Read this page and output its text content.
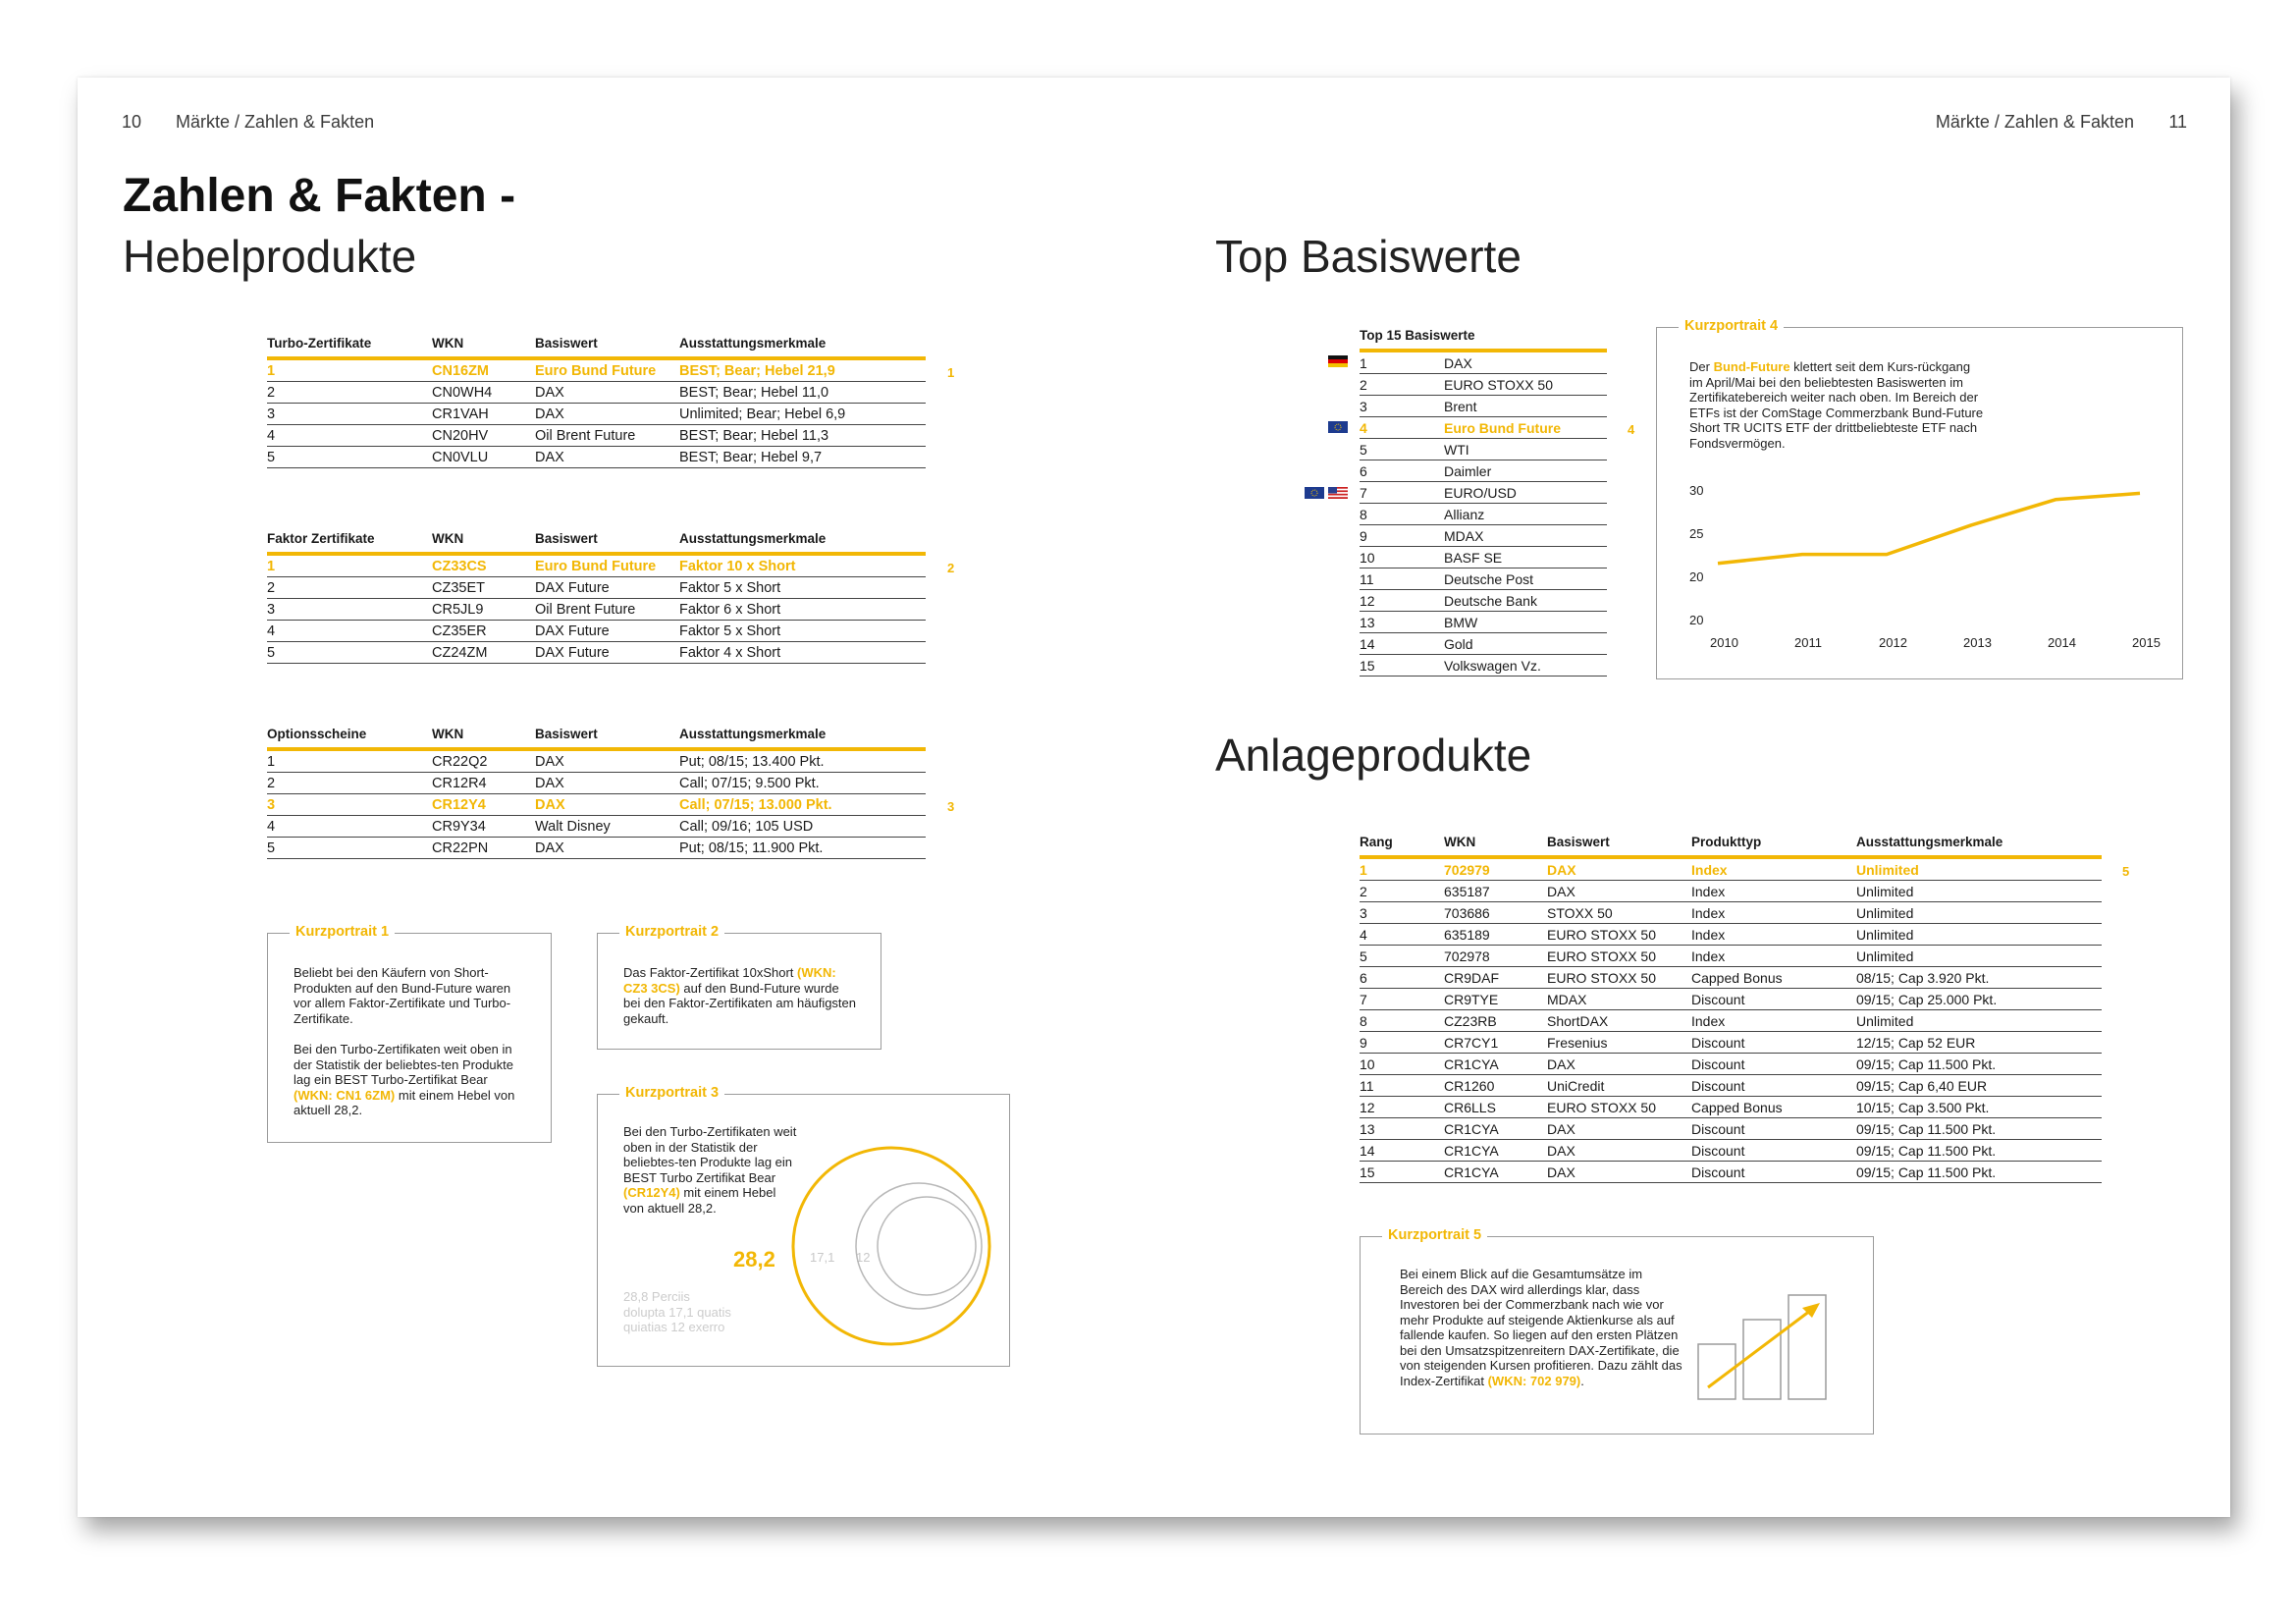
10 Märkte / Zahlen & Fakten	Märkte / Zahlen & Fakten 11
Zahlen & Fakten -
Hebelprodukte	Top Basiswerte
Anlageprodukte
Turbo-Zertifikate	WKN	Basiswert	Ausstattungsmerkmale
1	CN16ZM	Euro Bund Future	BEST; Bear; Hebel 21,9
2	CN0WH4	DAX	BEST; Bear; Hebel 11,0
3	CR1VAH	DAX	Unlimited; Bear; Hebel 6,9
4	CN20HV	Oil Brent Future	BEST; Bear; Hebel 11,3
5	CN0VLU	DAX	BEST; Bear; Hebel 9,7
1
Faktor Zertifikate	WKN	Basiswert	Ausstattungsmerkmale
1	CZ33CS	Euro Bund Future	Faktor 10 x Short
2	CZ35ET	DAX Future	Faktor 5 x Short
3	CR5JL9	Oil Brent Future	Faktor 6 x Short
4	CZ35ER	DAX Future	Faktor 5 x Short
5	CZ24ZM	DAX Future	Faktor 4 x Short
2
Optionsscheine	WKN	Basiswert	Ausstattungsmerkmale
1	CR22Q2	DAX	Put; 08/15; 13.400 Pkt.
2	CR12R4	DAX	Call; 07/15; 9.500 Pkt.
3	CR12Y4	DAX	Call; 07/15; 13.000 Pkt.
4	CR9Y34	Walt Disney	Call; 09/16; 105 USD
5	CR22PN	DAX	Put; 08/15; 11.900 Pkt.
3
Kurzportrait 1
Beliebt bei den Käufern von Short-Produkten auf den Bund-Future waren vor allem Faktor-Zertifikate und Turbo-Zertifikate.
Bei den Turbo-Zertifikaten weit oben in der Statistik der beliebtes-ten Produkte lag ein BEST Turbo-Zertifikat Bear (WKN: CN1 6ZM) mit einem Hebel von aktuell 28,2.
Kurzportrait 2
Das Faktor-Zertifikat 10xShort (WKN: CZ3 3CS) auf den Bund-Future wurde bei den Faktor-Zertifikaten am häufigsten gekauft.
Kurzportrait 3
Bei den Turbo-Zertifikaten weit oben in der Statistik der beliebtes-ten Produkte lag ein BEST Turbo Zertifikat Bear (CR12Y4) mit einem Hebel von aktuell 28,2.
28,2	17,1 12
28,8 Perciis dolupta 17,1 quatis quiatias 12 exerro
Top 15 Basiswerte	
1	DAX
2	EURO STOXX 50
3	Brent
4	Euro Bund Future
5	WTI
6	Daimler
7	EURO/USD
8	Allianz
9	MDAX
10	BASF SE
11	Deutsche Post
12	Deutsche Bank
13	BMW
14	Gold
15	Volkswagen Vz.
4
Kurzportrait 4
Der Bund-Future klettert seit dem Kurs-rückgang im April/Mai bei den beliebtesten Basiswerten im Zertifikatebereich weiter nach oben. Im Bereich der ETFs ist der ComStage Commerzbank Bund-Future Short TR UCITS ETF der drittbeliebteste ETF nach Fondsvermögen.
30
25
20
20
2010	2011	2012	2013	2014	2015
Rang	WKN	Basiswert	Produkttyp	Ausstattungsmerkmale
1	702979	DAX	Index	Unlimited
2	635187	DAX	Index	Unlimited
3	703686	STOXX 50	Index	Unlimited
4	635189	EURO STOXX 50	Index	Unlimited
5	702978	EURO STOXX 50	Index	Unlimited
6	CR9DAF	EURO STOXX 50	Capped Bonus	08/15; Cap 3.920 Pkt.
7	CR9TYE	MDAX	Discount	09/15; Cap 25.000 Pkt.
8	CZ23RB	ShortDAX	Index	Unlimited
9	CR7CY1	Fresenius	Discount	12/15; Cap 52 EUR
10	CR1CYA	DAX	Discount	09/15; Cap 11.500 Pkt.
11	CR1260	UniCredit	Discount	09/15; Cap 6,40 EUR
12	CR6LLS	EURO STOXX 50	Capped Bonus	10/15; Cap 3.500 Pkt.
13	CR1CYA	DAX	Discount	09/15; Cap 11.500 Pkt.
14	CR1CYA	DAX	Discount	09/15; Cap 11.500 Pkt.
15	CR1CYA	DAX	Discount	09/15; Cap 11.500 Pkt.
5
Kurzportrait 5
Bei einem Blick auf die Gesamtumsätze im Bereich des DAX wird allerdings klar, dass Investoren bei der Commerzbank nach wie vor mehr Produkte auf steigende Aktienkurse als auf fallende kaufen. So liegen auf den ersten Plätzen bei den Umsatzspitzenreitern DAX-Zertifikate, die von steigenden Kursen profitieren. Dazu zählt das Index-Zertifikat (WKN: 702 979).
